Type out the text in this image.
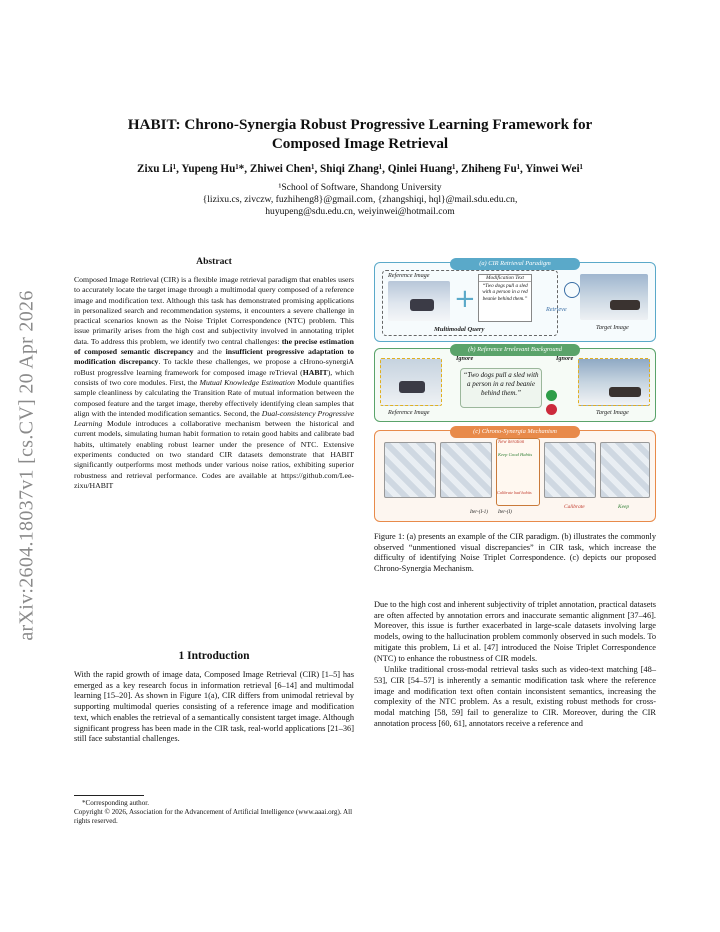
arXiv:2604.18037v1 [cs.CV] 20 Apr 2026
HABIT: Chrono-Synergia Robust Progressive Learning Framework for
Composed Image Retrieval
Zixu Li¹, Yupeng Hu¹*, Zhiwei Chen¹, Shiqi Zhang¹, Qinlei Huang¹, Zhiheng Fu¹, Yinwei Wei¹
¹School of Software, Shandong University
{lizixu.cs, zivczw, fuzhiheng8}@gmail.com, {zhangshiqi, hql}@mail.sdu.edu.cn,
huyupeng@sdu.edu.cn, weiyinwei@hotmail.com
Abstract
Composed Image Retrieval (CIR) is a flexible image retrieval paradigm that enables users to accurately locate the target image through a multimodal query composed of a reference image and modification text. Although this task has demonstrated promising applications in personalized search and recommendation systems, it encounters a severe challenge in practical scenarios known as the Noise Triplet Correspondence (NTC) problem. This issue primarily arises from the high cost and subjectivity involved in annotating triplet data. To address this problem, we identify two central challenges: the precise estimation of composed semantic discrepancy and the insufficient progressive adaptation to modification discrepancy. To tackle these challenges, we propose a cHrono-synergiA roBust progressIve learning framework for composed image reTrieval (HABIT), which consists of two core modules. First, the Mutual Knowledge Estimation Module quantifies sample cleanliness by calculating the Transition Rate of mutual information between the composed feature and the target image, thereby effectively identifying clean samples that align with the intended modification semantics. Second, the Dual-consistency Progressive Learning Module introduces a collaborative mechanism between the historical and current models, simulating human habit formation to retain good habits and calibrate bad habits, ultimately enabling robust learner under the presence of NTC. Extensive experiments conducted on two standard CIR datasets demonstrate that HABIT significantly outperforms most methods under various noise ratios, exhibiting superior robustness and retrieval performance. Codes are available at https://github.com/Lee-zixu/HABIT
1 Introduction
With the rapid growth of image data, Composed Image Retrieval (CIR) [1–5] has emerged as a key research focus in information retrieval [6–14] and multimodal learning [15–20]. As shown in Figure 1(a), CIR differs from unimodal retrieval by supporting multimodal queries consisting of a reference image and modification text, which enables the retrieval of a semantically consistent target image. Although significant progress has been made in the CIR task, real-world applications [21–36] still face substantial challenges.
*Corresponding author.
Copyright © 2026, Association for the Advancement of Artificial Intelligence (www.aaai.org). All rights reserved.
(a) CIR Retrieval Paradigm
Reference Image
+
Modification Text
“Two dogs pull a sled with a person in a red beanie behind them.”
Multimodal Query
Retrieve
Target Image
(b) Reference Irrelevant Background
Reference Image
Ignore	Ignore
“Two dogs pull a sled with a person in a red beanie behind them.”
Target Image
(c) Chrono-Synergia Mechanism
New iteration
Keep Good Habits
Calibrate bad habits
Iter-(I-1) Iter-(I)
Calibrate	Keep
Figure 1: (a) presents an example of the CIR paradigm. (b) illustrates the commonly observed “unmentioned visual discrepancies” in CIR task, which increase the difficulty of identifying Noise Triplet Correspondence. (c) depicts our proposed Chrono-Synergia Mechanism.

Due to the high cost and inherent subjectivity of triplet annotation, practical datasets are often affected by annotation errors and inaccurate semantic alignment [37–46]. Moreover, this issue is further exacerbated in large-scale datasets involving large models, owing to the hallucination problem commonly observed in such models. To mitigate this problem, Li et al. [47] introduced the Noise Triplet Correspondence (NTC) to enhance the robustness of CIR models.

Unlike traditional cross-modal retrieval tasks such as video-text matching [48–53], CIR [54–57] is inherently a semantic modification task where the reference image and modification text often contain inconsistent semantics, increasing the complexity of the NTC problem. As a result, existing robust methods for cross-modal matching [58, 59] fail to generalize to CIR. Moreover, during the CIR annotation process [60, 61], annotators receive a reference and
